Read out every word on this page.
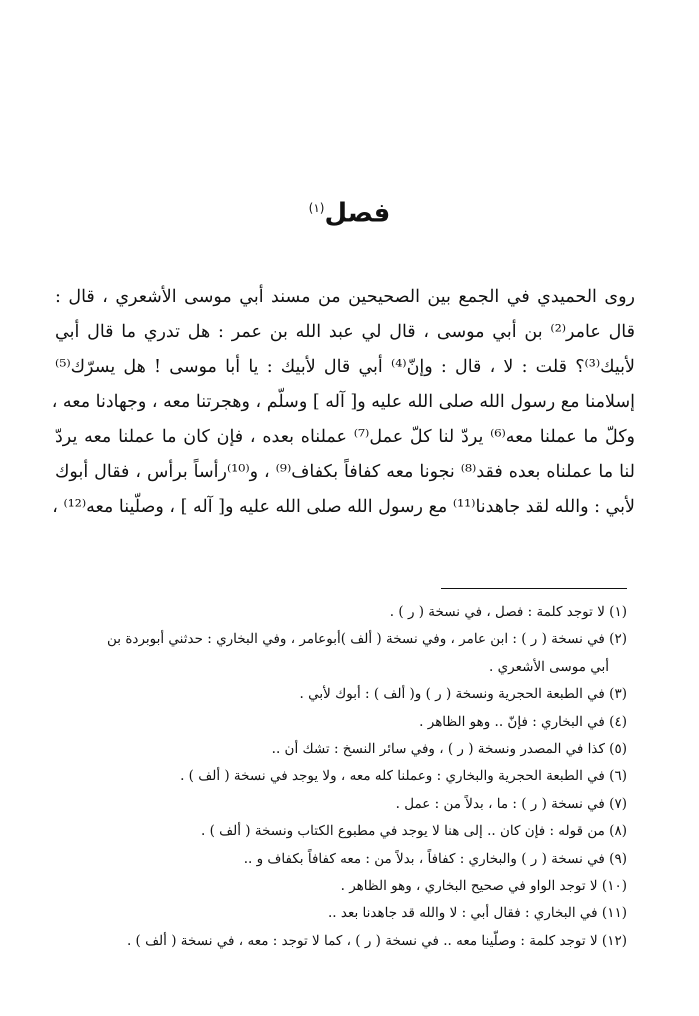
فصل$^{(١)}$
روى الحميدي في الجمع بين الصحيحين من مسند أبي موسى الأشعري ، قال :
قال عامر⁽²⁾ بن أبي موسى ، قال لي عبد الله بن عمر : هل تدري ما قال أبي
لأبيك⁽³⁾؟ قلت : لا ، قال : وإنّ⁽⁴⁾ أبي قال لأبيك : يا أبا موسى ! هل يسرّك⁽⁵⁾
إسلامنا مع رسول الله صلى الله عليه و[ آله ] وسلّم ، وهجرتنا معه ، وجهادنا معه ،
وكلّ ما عملنا معه⁽⁶⁾ يردّ لنا كلّ عمل⁽⁷⁾ عملناه بعده ، فإن كان ما عملنا معه يردّ
لنا ما عملناه بعده فقد⁽⁸⁾ نجونا معه كفافاً بكفاف⁽⁹⁾ ، و⁽¹⁰⁾رأساً برأس ، فقال أبوك
لأبي : والله لقد جاهدنا⁽¹¹⁾ مع رسول الله صلى الله عليه و[ آله ] ، وصلّينا معه⁽¹²⁾ ،
(١) لا توجد كلمة : فصل ، في نسخة ( ر ) .
(٢) في نسخة ( ر ) : ابن عامر ، وفي نسخة ( ألف )أبوعامر ، وفي البخاري : حدثني أبوبردة بن
أبي موسى الأشعري .
(٣) في الطبعة الحجرية ونسخة ( ر ) و( ألف ) : أبوك لأبي .
(٤) في البخاري : فإنّ .. وهو الظاهر .
(٥) كذا في المصدر ونسخة ( ر ) ، وفي سائر النسخ : تشك أن ..
(٦) في الطبعة الحجرية والبخاري : وعملنا كله معه ، ولا يوجد في نسخة ( ألف ) .
(٧) في نسخة ( ر ) : ما ، بدلاً من : عمل .
(٨) من قوله : فإن كان .. إلى هنا لا يوجد في مطبوع الكتاب ونسخة ( ألف ) .
(٩) في نسخة ( ر ) والبخاري : كفافاً ، بدلاً من : معه كفافاً بكفاف و ..
(١٠) لا توجد الواو في صحيح البخاري ، وهو الظاهر .
(١١) في البخاري : فقال أبي : لا والله قد جاهدنا بعد ..
(١٢) لا توجد كلمة : وصلّينا معه .. في نسخة ( ر ) ، كما لا توجد : معه ، في نسخة ( ألف ) .
